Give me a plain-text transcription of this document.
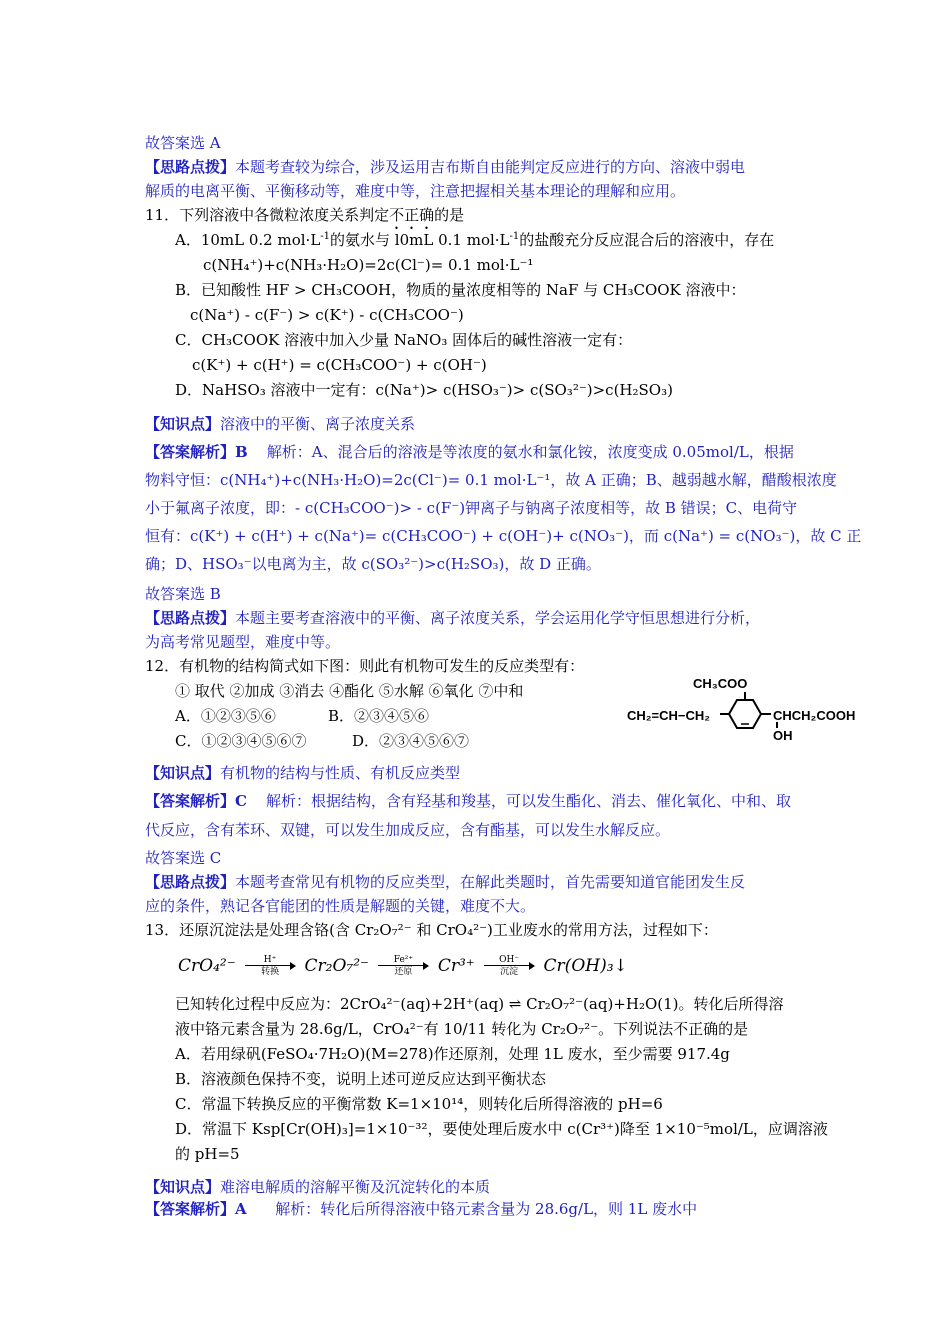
故答案选 A
【思路点拨】本题考查较为综合，涉及运用吉布斯自由能判定反应进行的方向、溶液中弱电
解质的电离平衡、平衡移动等，难度中等，注意把握相关基本理论的理解和应用。
11．下列溶液中各微粒浓度关系判定不正确的是
A．10mL 0.2 $mol\cdot L^{-1}$的氨水与 l0mL 0.1 $mol\cdot L^{-1}$的盐酸充分反应混合后的溶液中，存在
c(NH₄⁺)+c(NH₃·H₂O)=2c(Cl⁻)= 0.1 mol·L⁻¹
B．已知酸性 HF > CH₃COOH，物质的量浓度相等的 NaF 与 CH₃COOK 溶液中：
c(Na⁺) - c(F⁻) > c(K⁺) - c(CH₃COO⁻)
C．CH₃COOK 溶液中加入少量 NaNO₃ 固体后的碱性溶液一定有：
c(K⁺) + c(H⁺) = c(CH₃COO⁻) + c(OH⁻)
D．NaHSO₃ 溶液中一定有：c(Na⁺)> c(HSO₃⁻)> c(SO₃²⁻)>c(H₂SO₃)
【知识点】溶液中的平衡、离子浓度关系
【答案解析】B 解析：A、混合后的溶液是等浓度的氨水和氯化铵，浓度变成 0.05mol/L，根据
物料守恒：c(NH₄⁺)+c(NH₃·H₂O)=2c(Cl⁻)= 0.1 mol·L⁻¹，故 A 正确；B、越弱越水解，醋酸根浓度
小于氟离子浓度，即：- c(CH₃COO⁻)> - c(F⁻)钾离子与钠离子浓度相等，故 B 错误；C、电荷守
恒有：c(K⁺) + c(H⁺) + c(Na⁺)= c(CH₃COO⁻) + c(OH⁻)+ c(NO₃⁻)，而 c(Na⁺) = c(NO₃⁻)，故 C 正
确；D、HSO₃⁻以电离为主，故 c(SO₃²⁻)>c(H₂SO₃)，故 D 正确。
故答案选 B
【思路点拨】本题主要考查溶液中的平衡、离子浓度关系，学会运用化学守恒思想进行分析，
为高考常见题型，难度中等。
12．有机物的结构简式如下图：则此有机物可发生的反应类型有：
① 取代 ②加成 ③消去 ④酯化 ⑤水解 ⑥氧化 ⑦中和
A．①②③⑤⑥	B．②③④⑤⑥
C．①②③④⑤⑥⑦	D．②③④⑤⑥⑦
CH₃COO
CH₂=CH−CH₂	CHCH₂COOH
OH
【知识点】有机物的结构与性质、有机反应类型
【答案解析】C 解析：根据结构，含有羟基和羧基，可以发生酯化、消去、催化氧化、中和、取
代反应，含有苯环、双键，可以发生加成反应，含有酯基，可以发生水解反应。
故答案选 C
【思路点拨】本题考查常见有机物的反应类型，在解此类题时，首先需要知道官能团发生反
应的条件，熟记各官能团的性质是解题的关键，难度不大。
13．还原沉淀法是处理含铬(含 Cr₂O₇²⁻ 和 CrO₄²⁻)工业废水的常用方法，过程如下：
CrO₄²⁻	H⁺
转换	Cr₂O₇²⁻	Fe²⁺
还原	Cr³⁺	OH⁻
沉淀	Cr(OH)₃↓
已知转化过程中反应为：2CrO₄²⁻(aq)+2H⁺(aq) ⇌ Cr₂O₇²⁻(aq)+H₂O(1)。转化后所得溶
液中铬元素含量为 28.6g/L，CrO₄²⁻有 10/11 转化为 Cr₂O₇²⁻。下列说法不正确的是
A．若用绿矾(FeSO₄·7H₂O)(M=278)作还原剂，处理 1L 废水，至少需要 917.4g
B．溶液颜色保持不变，说明上述可逆反应达到平衡状态
C．常温下转换反应的平衡常数 K=1×10¹⁴，则转化后所得溶液的 pH=6
D．常温下 Ksp[Cr(OH)₃]=1×10⁻³²，要使处理后废水中 c(Cr³⁺)降至 1×10⁻⁵mol/L，应调溶液
的 pH=5
【知识点】难溶电解质的溶解平衡及沉淀转化的本质
【答案解析】A 解析：转化后所得溶液中铬元素含量为 28.6g/L，则 1L 废水中
